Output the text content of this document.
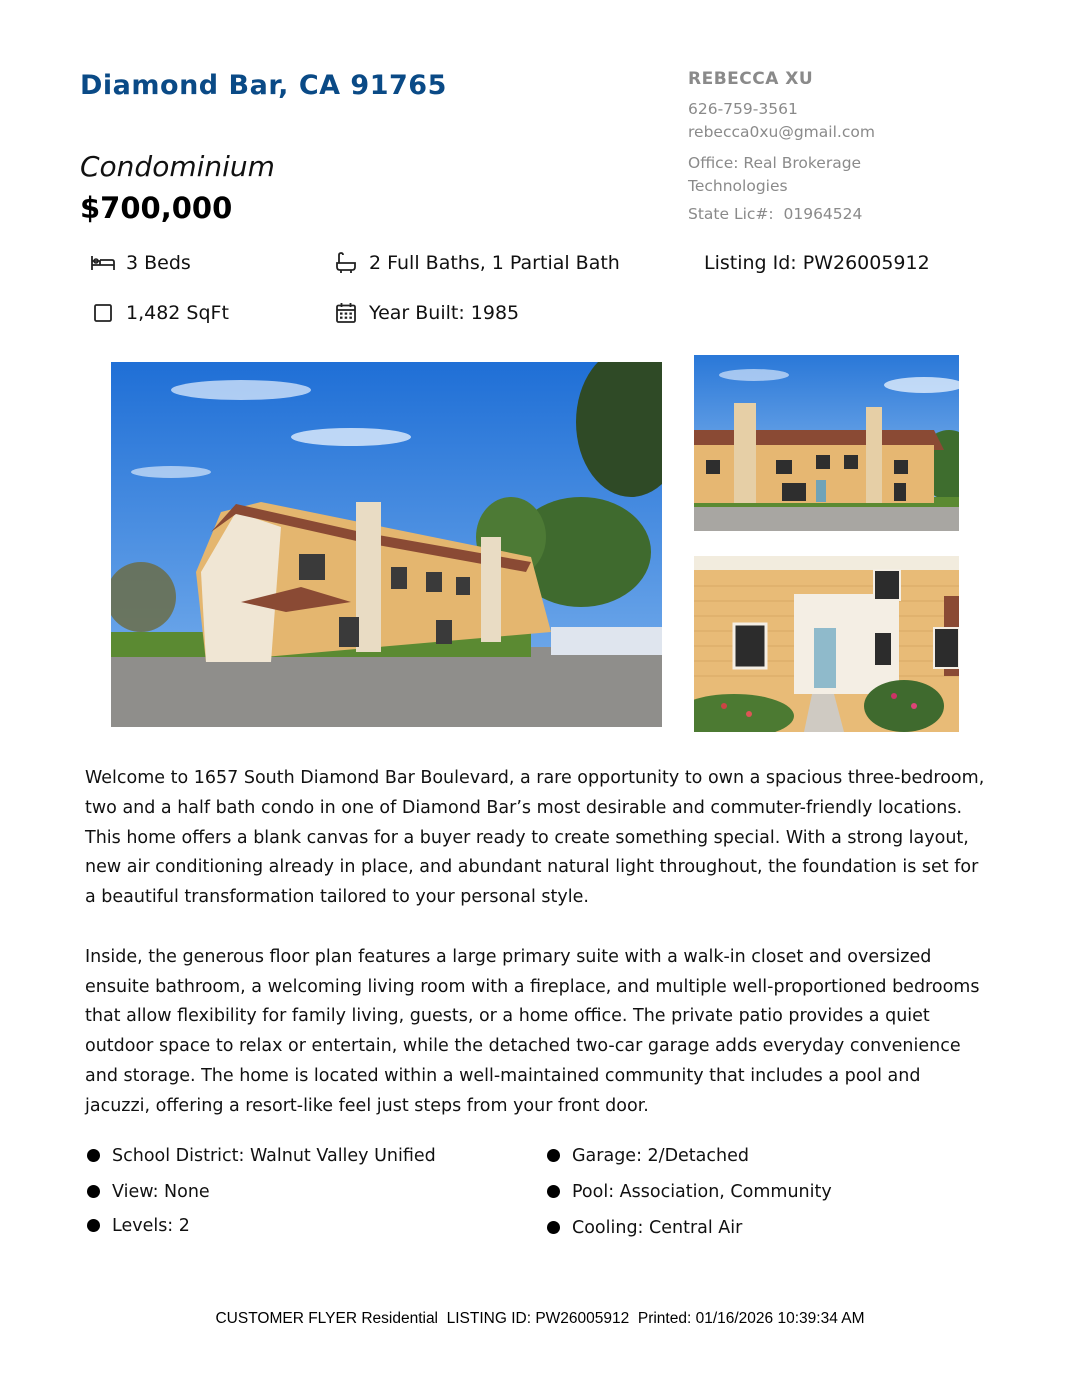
Diamond Bar, CA 91765
Condominium
$700,000
REBECCA XU
626-759-3561
rebecca0xu@gmail.com
Office: Real Brokerage
Technologies
State Lic#:  01964524
3 Beds	2 Full Baths, 1 Partial Bath	Listing Id: PW26005912
1,482 SqFt	Year Built: 1985

Welcome to 1657 South Diamond Bar Boulevard, a rare opportunity to own a spacious three-bedroom, two and a half bath condo in one of Diamond Bar’s most desirable and commuter-friendly locations. This home offers a blank canvas for a buyer ready to create something special. With a strong layout, new air conditioning already in place, and abundant natural light throughout, the foundation is set for a beautiful transformation tailored to your personal style.

Inside, the generous floor plan features a large primary suite with a walk-in closet and oversized ensuite bathroom, a welcoming living room with a fireplace, and multiple well-proportioned bedrooms that allow flexibility for family living, guests, or a home office. The private patio provides a quiet outdoor space to relax or entertain, while the detached two-car garage adds everyday convenience and storage. The home is located within a well-maintained community that includes a pool and jacuzzi, offering a resort-like feel just steps from your front door.

School District: Walnut Valley Unified
View: None
Levels: 2
Garage: 2/Detached
Pool: Association, Community
Cooling: Central Air
CUSTOMER FLYER Residential  LISTING ID: PW26005912  Printed: 01/16/2026 10:39:34 AM
